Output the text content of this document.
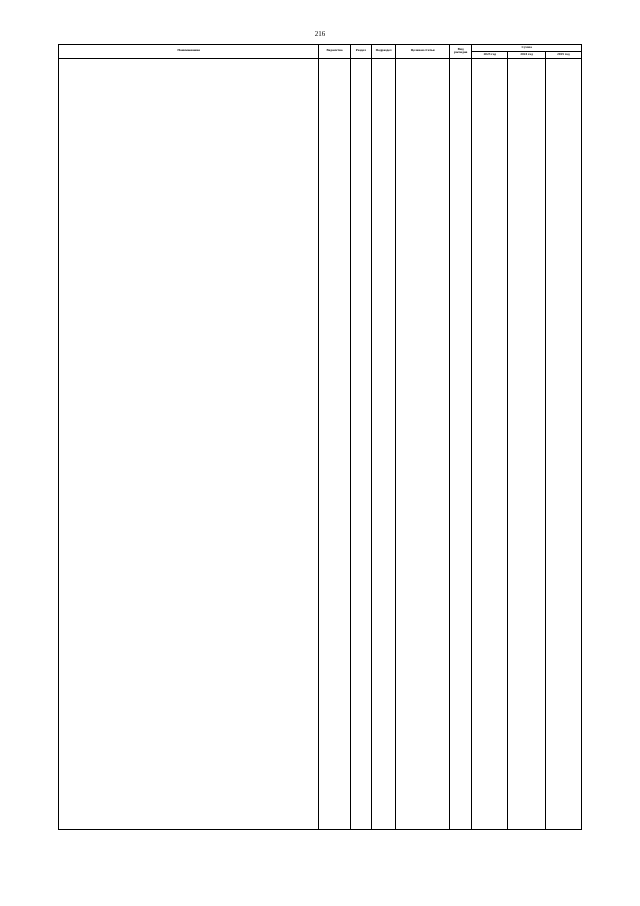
216
Наименование	Ведомство	Раздел	Подраздел	Целевая статья	Вид расходов	Сумма		
						2023 год	2024 год	2025 год
